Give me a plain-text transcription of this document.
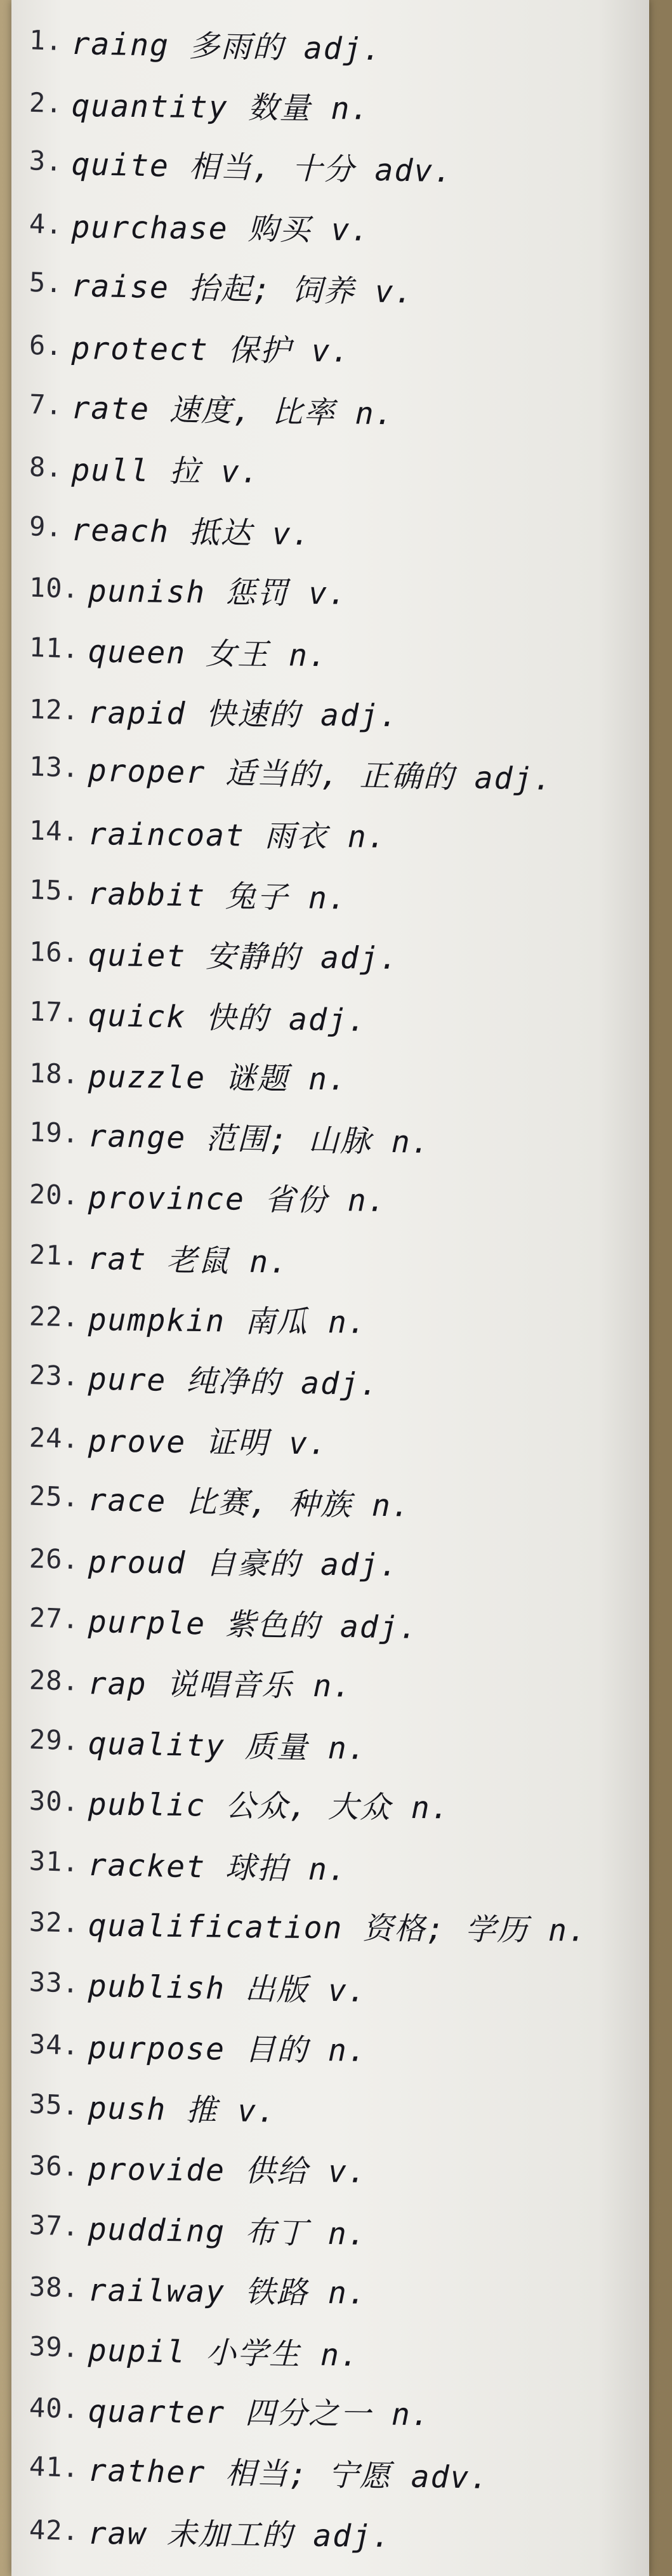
1. raing 多雨的 adj.
2. quantity 数量 n.
3. quite 相当, 十分 adv.
4. purchase 购买 v.
5. raise 抬起; 饲养 v.
6. protect 保护 v.
7. rate 速度, 比率 n.
8. pull 拉 v.
9. reach 抵达 v.
10. punish 惩罚 v.
11. queen 女王 n.
12. rapid 快速的 adj.
13. proper 适当的, 正确的 adj.
14. raincoat 雨衣 n.
15. rabbit 兔子 n.
16. quiet 安静的 adj.
17. quick 快的 adj.
18. puzzle 谜题 n.
19. range 范围; 山脉 n.
20. province 省份 n.
21. rat 老鼠 n.
22. pumpkin 南瓜 n.
23. pure 纯净的 adj.
24. prove 证明 v.
25. race 比赛, 种族 n.
26. proud 自豪的 adj.
27. purple 紫色的 adj.
28. rap 说唱音乐 n.
29. quality 质量 n.
30. public 公众, 大众 n.
31. racket 球拍 n.
32. qualification 资格; 学历 n.
33. publish 出版 v.
34. purpose 目的 n.
35. push 推 v.
36. provide 供给 v.
37. pudding 布丁 n.
38. railway 铁路 n.
39. pupil 小学生 n.
40. quarter 四分之一 n.
41. rather 相当; 宁愿 adv.
42. raw 未加工的 adj.
